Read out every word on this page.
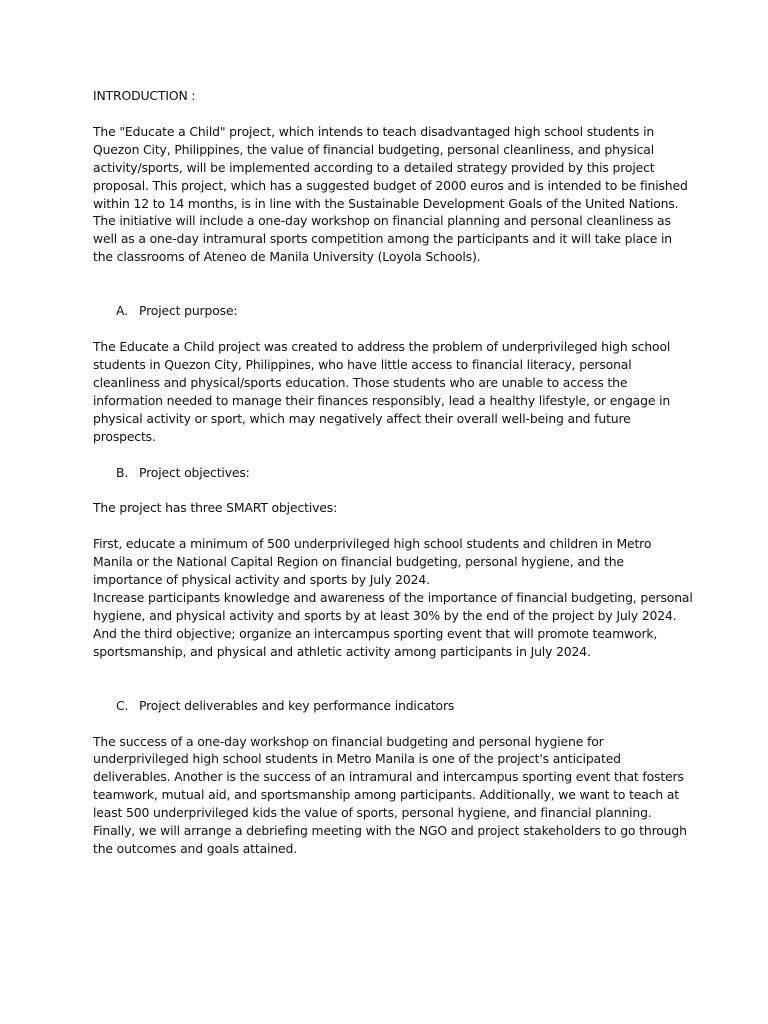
INTRODUCTION :

The "Educate a Child" project, which intends to teach disadvantaged high school students in Quezon City, Philippines, the value of financial budgeting, personal cleanliness, and physical activity/sports, will be implemented according to a detailed strategy provided by this project proposal. This project, which has a suggested budget of 2000 euros and is intended to be finished within 12 to 14 months, is in line with the Sustainable Development Goals of the United Nations. The initiative will include a one-day workshop on financial planning and personal cleanliness as well as a one-day intramural sports competition among the participants and it will take place in the classrooms of Ateneo de Manila University (Loyola Schools).

A. Project purpose:

The Educate a Child project was created to address the problem of underprivileged high school students in Quezon City, Philippines, who have little access to financial literacy, personal cleanliness and physical/sports education. Those students who are unable to access the information needed to manage their finances responsibly, lead a healthy lifestyle, or engage in physical activity or sport, which may negatively affect their overall well-being and future prospects.

B. Project objectives:

The project has three SMART objectives:

First, educate a minimum of 500 underprivileged high school students and children in Metro Manila or the National Capital Region on financial budgeting, personal hygiene, and the importance of physical activity and sports by July 2024.

Increase participants knowledge and awareness of the importance of financial budgeting, personal hygiene, and physical activity and sports by at least 30% by the end of the project by July 2024. And the third objective; organize an intercampus sporting event that will promote teamwork, sportsmanship, and physical and athletic activity among participants in July 2024.

C. Project deliverables and key performance indicators

The success of a one-day workshop on financial budgeting and personal hygiene for underprivileged high school students in Metro Manila is one of the project's anticipated deliverables. Another is the success of an intramural and intercampus sporting event that fosters teamwork, mutual aid, and sportsmanship among participants. Additionally, we want to teach at least 500 underprivileged kids the value of sports, personal hygiene, and financial planning. Finally, we will arrange a debriefing meeting with the NGO and project stakeholders to go through the outcomes and goals attained.
